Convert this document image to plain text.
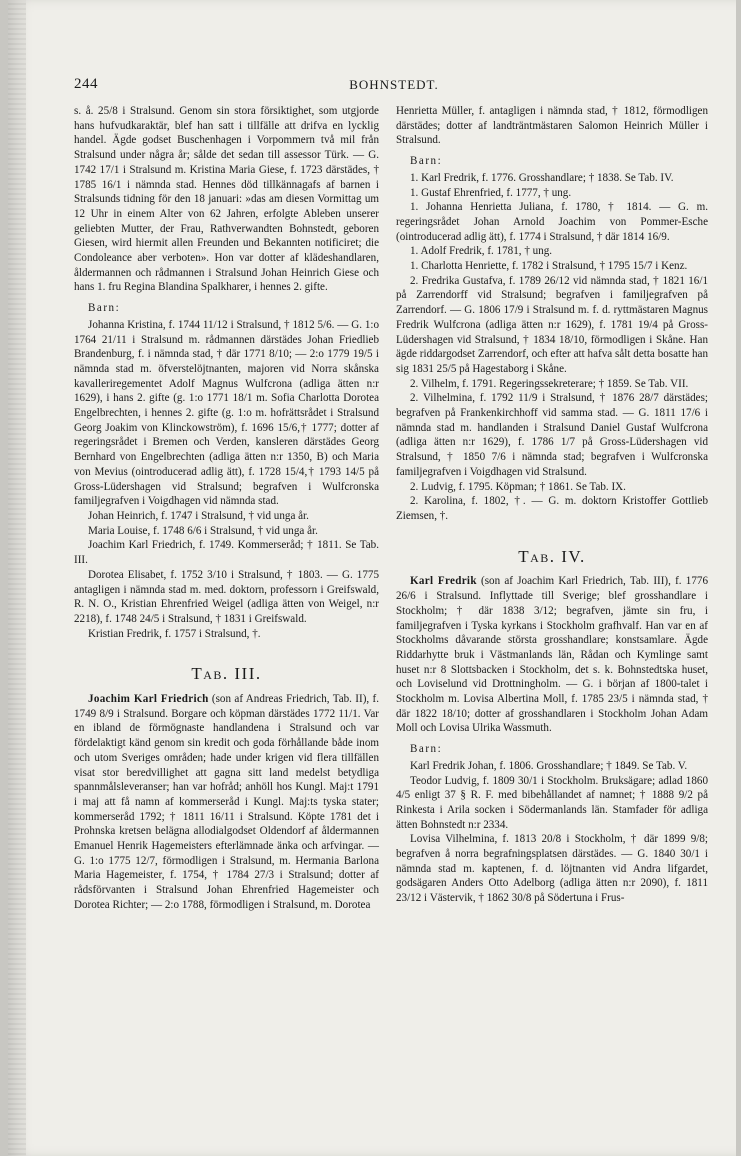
244	BOHNSTEDT.

s. å. 25/8 i Stralsund. Genom sin stora försiktighet, som utgjorde hans hufvudkaraktär, blef han satt i tillfälle att drifva en lycklig handel. Ägde godset Buschenhagen i Vorpommern två mil från Stralsund under några år; sålde det sedan till assessor Türk. — G. 1742 17/1 i Stralsund m. Kristina Maria Giese, f. 1723 därstädes, † 1785 16/1 i nämnda stad. Hennes död tillkännagafs af barnen i Stralsunds tidning för den 18 januari: »das am diesen Vormittag um 12 Uhr in einem Alter von 62 Jahren, erfolgte Ableben unserer geliebten Mutter, der Frau, Rathverwandten Bohnstedt, geboren Giesen, wird hiermit allen Freunden und Bekannten notificiret; die Condoleance aber verboten». Hon var dotter af klädeshandlaren, åldermannen och rådmannen i Stralsund Johan Heinrich Giese och hans 1. fru Regina Blandina Spalkharer, i hennes 2. gifte.

Barn:

Johanna Kristina, f. 1744 11/12 i Stralsund, † 1812 5/6. — G. 1:o 1764 21/11 i Stralsund m. rådmannen därstädes Johan Friedlieb Brandenburg, f. i nämnda stad, † där 1771 8/10; — 2:o 1779 19/5 i nämnda stad m. öfverstelöjtnanten, majoren vid Norra skånska kavalleriregementet Adolf Magnus Wulfcrona (adliga ätten n:r 1629), i hans 2. gifte (g. 1:o 1771 18/1 m. Sofia Charlotta Dorotea Engelbrechten, i hennes 2. gifte (g. 1:o m. hofrättsrådet i Stralsund Georg Joakim von Klinckowström), f. 1696 15/6,† 1777; dotter af regeringsrådet i Bremen och Verden, kansleren därstädes Georg Bernhard von Engelbrechten (adliga ätten n:r 1350, B) och Maria von Mevius (ointroducerad adlig ätt), f. 1728 15/4,† 1793 14/5 på Gross-Lüdershagen vid Stralsund; begrafven i Wulfcronska familjegrafven i Voigdhagen vid nämnda stad.

Johan Heinrich, f. 1747 i Stralsund, † vid unga år.

Maria Louise, f. 1748 6/6 i Stralsund, † vid unga år.

Joachim Karl Friedrich, f. 1749. Kommerseråd; † 1811. Se Tab. III.

Dorotea Elisabet, f. 1752 3/10 i Stralsund, † 1803. — G. 1775 antagligen i nämnda stad m. med. doktorn, professorn i Greifswald, R. N. O., Kristian Ehrenfried Weigel (adliga ätten von Weigel, n:r 2218), f. 1748 24/5 i Stralsund, † 1831 i Greifswald.

Kristian Fredrik, f. 1757 i Stralsund, †.

Tab. III.

Joachim Karl Friedrich (son af Andreas Friedrich, Tab. II), f. 1749 8/9 i Stralsund. Borgare och köpman därstädes 1772 11/1. Var en ibland de förmögnaste handlandena i Stralsund och var fördelaktigt känd genom sin kredit och goda förhållande både inom och utom Sveriges områden; hade under krigen vid flera tillfällen visat stor beredvillighet att gagna sitt land medelst betydliga spannmålsleveranser; han var hofråd; anhöll hos Kungl. Maj:t 1791 i maj att få namn af kommerseråd i Kungl. Maj:ts tyska stater; kommerseråd 1792; † 1811 16/11 i Stralsund. Köpte 1781 det i Prohnska kretsen belägna allodialgodset Oldendorf af åldermannen Emanuel Henrik Hagemeisters efterlämnade änka och arfvingar. — G. 1:o 1775 12/7, förmodligen i Stralsund, m. Hermania Barlona Maria Hagemeister, f. 1754, † 1784 27/3 i Stralsund; dotter af rådsförvanten i Stralsund Johan Ehrenfried Hagemeister och Dorotea Richter; — 2:o 1788, förmodligen i Stralsund, m. Dorotea

Henrietta Müller, f. antagligen i nämnda stad, † 1812, förmodligen därstädes; dotter af landträntmästaren Salomon Heinrich Müller i Stralsund.

Barn:

1. Karl Fredrik, f. 1776. Grosshandlare; † 1838. Se Tab. IV.

1. Gustaf Ehrenfried, f. 1777, † ung.

1. Johanna Henrietta Juliana, f. 1780, † 1814. — G. m. regeringsrådet Johan Arnold Joachim von Pommer-Esche (ointroducerad adlig ätt), f. 1774 i Stralsund, † där 1814 16/9.

1. Adolf Fredrik, f. 1781, † ung.

1. Charlotta Henriette, f. 1782 i Stralsund, † 1795 15/7 i Kenz.

2. Fredrika Gustafva, f. 1789 26/12 vid nämnda stad, † 1821 16/1 på Zarrendorff vid Stralsund; begrafven i familjegrafven på Zarrendorf. — G. 1806 17/9 i Stralsund m. f. d. ryttmästaren Magnus Fredrik Wulfcrona (adliga ätten n:r 1629), f. 1781 19/4 på Gross-Lüdershagen vid Stralsund, † 1834 18/10, förmodligen i Skåne. Han ägde riddargodset Zarrendorf, och efter att hafva sålt detta bosatte han sig 1831 25/5 på Hagestaborg i Skåne.

2. Vilhelm, f. 1791. Regeringssekreterare; † 1859. Se Tab. VII.

2. Vilhelmina, f. 1792 11/9 i Stralsund, † 1876 28/7 därstädes; begrafven på Frankenkirchhoff vid samma stad. — G. 1811 17/6 i nämnda stad m. handlanden i Stralsund Daniel Gustaf Wulfcrona (adliga ätten n:r 1629), f. 1786 1/7 på Gross-Lüdershagen vid Stralsund, † 1850 7/6 i nämnda stad; begrafven i Wulfcronska familjegrafven i Voigdhagen vid Stralsund.

2. Ludvig, f. 1795. Köpman; † 1861. Se Tab. IX.

2. Karolina, f. 1802, †. — G. m. doktorn Kristoffer Gottlieb Ziemsen, †.

Tab. IV.

Karl Fredrik (son af Joachim Karl Friedrich, Tab. III), f. 1776 26/6 i Stralsund. Inflyttade till Sverige; blef grosshandlare i Stockholm; † där 1838 3/12; begrafven, jämte sin fru, i familjegrafven i Tyska kyrkans i Stockholm grafhvalf. Han var en af Stockholms dåvarande största grosshandlare; konstsamlare. Ägde Riddarhytte bruk i Västmanlands län, Rådan och Kymlinge samt huset n:r 8 Slottsbacken i Stockholm, det s. k. Bohnstedtska huset, och Loviselund vid Drottningholm. — G. i början af 1800-talet i Stockholm m. Lovisa Albertina Moll, f. 1785 23/5 i nämnda stad, † där 1822 18/10; dotter af grosshandlaren i Stockholm Johan Adam Moll och Lovisa Ulrika Wassmuth.

Barn:

Karl Fredrik Johan, f. 1806. Grosshandlare; † 1849. Se Tab. V.

Teodor Ludvig, f. 1809 30/1 i Stockholm. Bruksägare; adlad 1860 4/5 enligt 37 § R. F. med bibehållandet af namnet; † 1888 9/2 på Rinkesta i Arila socken i Södermanlands län. Stamfader för adliga ätten Bohnstedt n:r 2334.

Lovisa Vilhelmina, f. 1813 20/8 i Stockholm, † där 1899 9/8; begrafven å norra begrafningsplatsen därstädes. — G. 1840 30/1 i nämnda stad m. kaptenen, f. d. löjtnanten vid Andra lifgardet, godsägaren Anders Otto Adelborg (adliga ätten n:r 2090), f. 1811 23/12 i Västervik, † 1862 30/8 på Södertuna i Frus-
